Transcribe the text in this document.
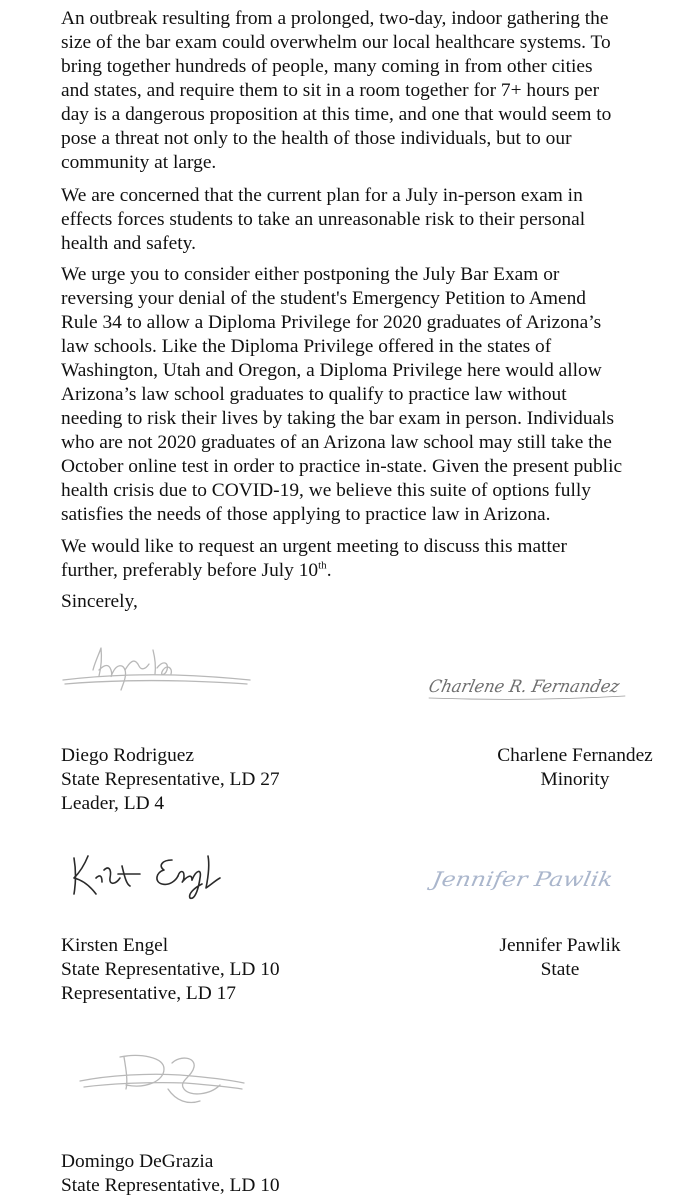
An outbreak resulting from a prolonged, two-day, indoor gathering the
size of the bar exam could overwhelm our local healthcare systems. To
bring together hundreds of people, many coming in from other cities
and states, and require them to sit in a room together for 7+ hours per
day is a dangerous proposition at this time, and one that would seem to
pose a threat not only to the health of those individuals, but to our
community at large.

We are concerned that the current plan for a July in-person exam in
effects forces students to take an unreasonable risk to their personal
health and safety.

We urge you to consider either postponing the July Bar Exam or
reversing your denial of the student's Emergency Petition to Amend
Rule 34 to allow a Diploma Privilege for 2020 graduates of Arizona’s
law schools. Like the Diploma Privilege offered in the states of
Washington, Utah and Oregon, a Diploma Privilege here would allow
Arizona’s law school graduates to qualify to practice law without
needing to risk their lives by taking the bar exam in person. Individuals
who are not 2020 graduates of an Arizona law school may still take the
October online test in order to practice in-state. Given the present public
health crisis due to COVID-19, we believe this suite of options fully
satisfies the needs of those applying to practice law in Arizona.

We would like to request an urgent meeting to discuss this matter
further, preferably before July 10th.

Sincerely,

Charlene R. Fernandez
Diego Rodriguez
State Representative, LD 27
Leader, LD 4
Charlene Fernandez
Minority
Jennifer Pawlik
Kirsten Engel
State Representative, LD 10
Representative, LD 17
Jennifer Pawlik
State
Domingo DeGrazia
State Representative, LD 10
